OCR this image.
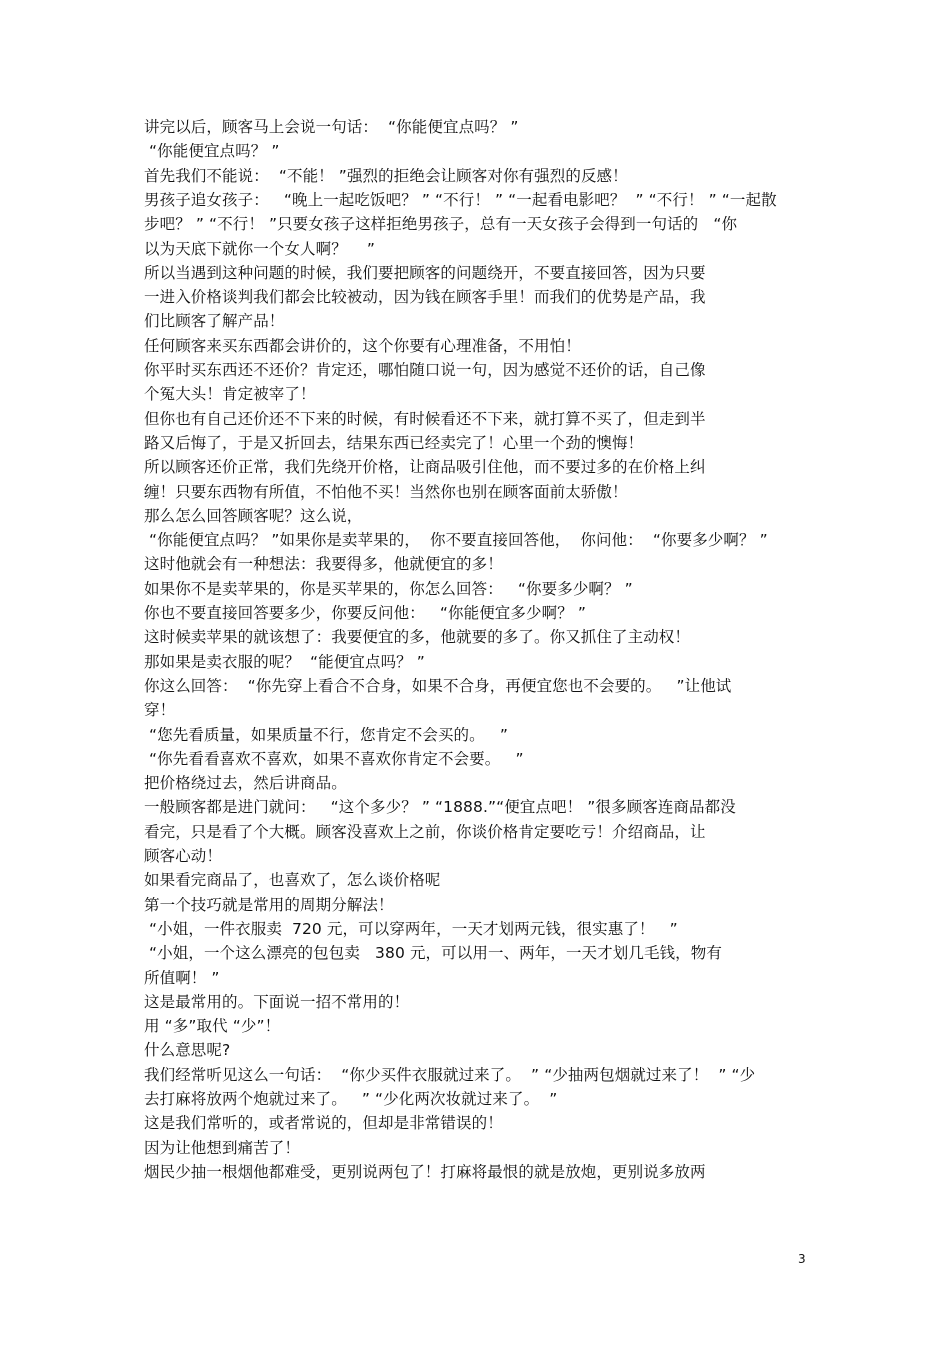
讲完以后，顾客马上会说一句话：  “你能便宜点吗？ ”
“你能便宜点吗？ ”
首先我们不能说：  “不能！ ”强烈的拒绝会让顾客对你有强烈的反感！
男孩子追女孩子：   “晚上一起吃饭吧？ ” “不行！ ” “一起看电影吧？  ” “不行！ ” “一起散
步吧？ ” “不行！ ”只要女孩子这样拒绝男孩子，总有一天女孩子会得到一句话的   “你
以为天底下就你一个女人啊？    ”
所以当遇到这种问题的时候，我们要把顾客的问题绕开，不要直接回答，因为只要
一进入价格谈判我们都会比较被动，因为钱在顾客手里！而我们的优势是产品，我
们比顾客了解产品！
任何顾客来买东西都会讲价的，这个你要有心理准备，不用怕！
你平时买东西还不还价？肯定还，哪怕随口说一句，因为感觉不还价的话，自己像
个冤大头！肯定被宰了！
但你也有自己还价还不下来的时候，有时候看还不下来，就打算不买了，但走到半
路又后悔了，于是又折回去，结果东西已经卖完了！心里一个劲的懊悔！
所以顾客还价正常，我们先绕开价格，让商品吸引住他，而不要过多的在价格上纠
缠！只要东西物有所值，不怕他不买！当然你也别在顾客面前太骄傲！
那么怎么回答顾客呢？这么说，
“你能便宜点吗？ ”如果你是卖苹果的，  你不要直接回答他，  你问他：  “你要多少啊？ ”
这时他就会有一种想法：我要得多，他就便宜的多！
如果你不是卖苹果的，你是买苹果的，你怎么回答：   “你要多少啊？ ”
你也不要直接回答要多少，你要反问他：   “你能便宜多少啊？ ”
这时候卖苹果的就该想了：我要便宜的多，他就要的多了。你又抓住了主动权！
那如果是卖衣服的呢？  “能便宜点吗？ ”
你这么回答：  “你先穿上看合不合身，如果不合身，再便宜您也不会要的。   ”让他试
穿！
“您先看质量，如果质量不行，您肯定不会买的。   ”
“你先看看喜欢不喜欢，如果不喜欢你肯定不会要。   ”
把价格绕过去，然后讲商品。
一般顾客都是进门就问：   “这个多少？ ” “1888.”“便宜点吧！ ”很多顾客连商品都没
看完，只是看了个大概。顾客没喜欢上之前，你谈价格肯定要吃亏！介绍商品，让
顾客心动！
如果看完商品了，也喜欢了，怎么谈价格呢
第一个技巧就是常用的周期分解法！
“小姐，一件衣服卖  720 元，可以穿两年，一天才划两元钱，很实惠了！   ”
“小姐，一个这么漂亮的包包卖   380 元，可以用一、两年，一天才划几毛钱，物有
所值啊！ ”
这是最常用的。下面说一招不常用的！
用 “多”取代 “少”！
什么意思呢?
我们经常听见这么一句话：  “你少买件衣服就过来了。  ” “少抽两包烟就过来了！  ” “少
去打麻将放两个炮就过来了。   ” “少化两次妆就过来了。  ”
这是我们常听的，或者常说的，但却是非常错误的！
因为让他想到痛苦了！
烟民少抽一根烟他都难受，更别说两包了！打麻将最恨的就是放炮，更别说多放两
3
